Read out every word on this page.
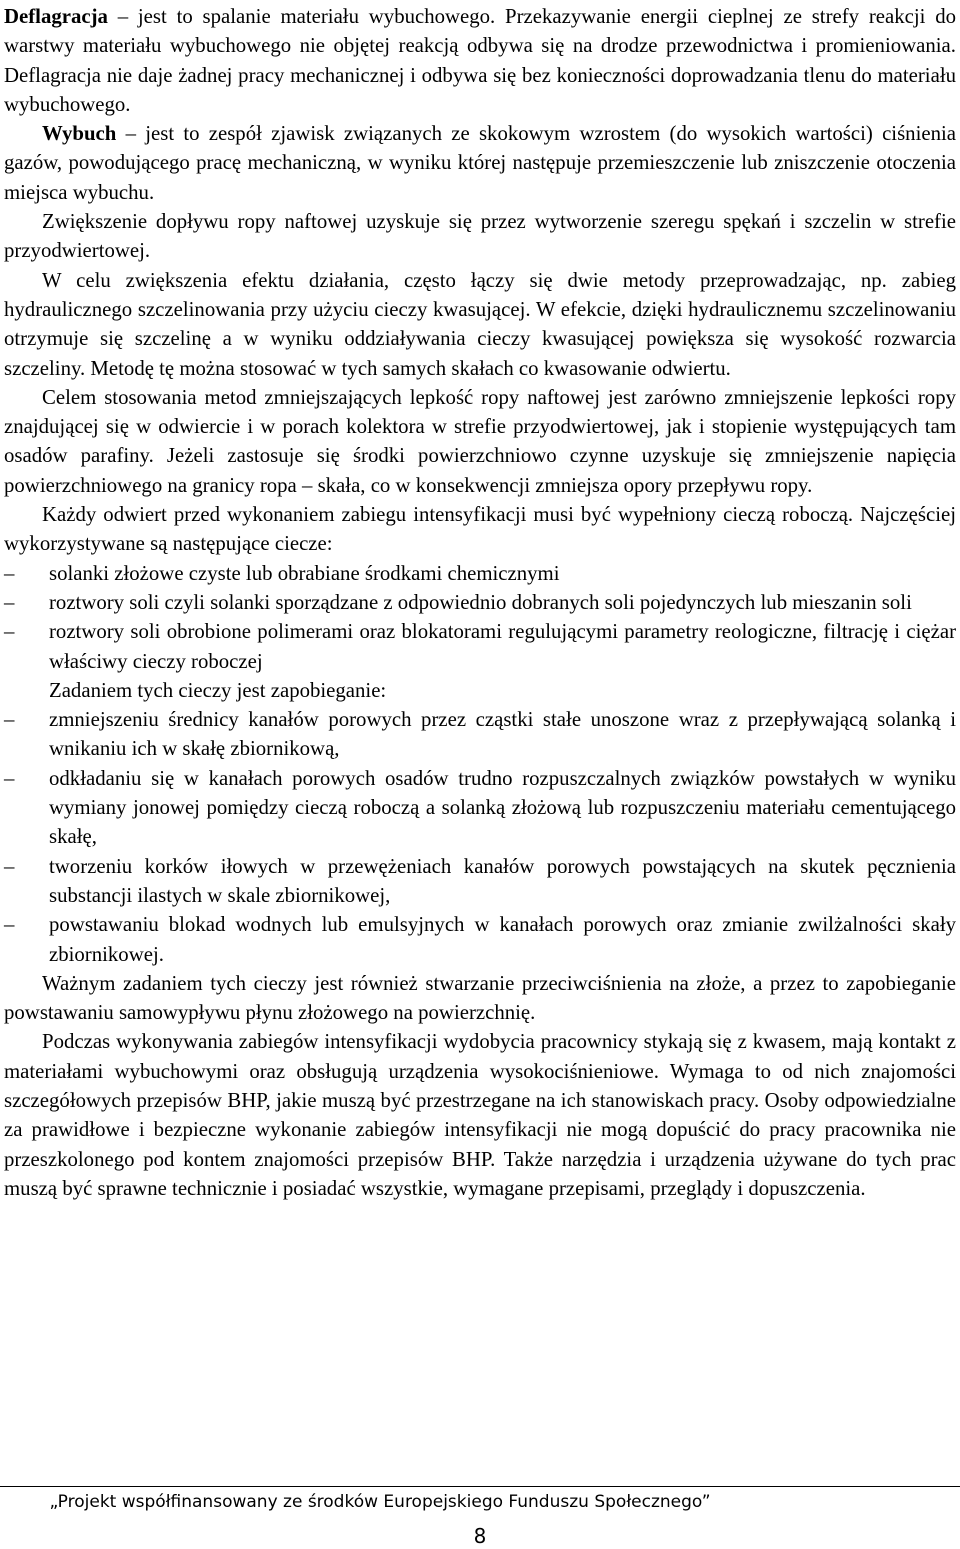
Deflagracja – jest to spalanie materiału wybuchowego. Przekazywanie energii cieplnej ze strefy reakcji do warstwy materiału wybuchowego nie objętej reakcją odbywa się na drodze przewodnictwa i promieniowania. Deflagracja nie daje żadnej pracy mechanicznej i odbywa się bez konieczności doprowadzania tlenu do materiału wybuchowego.

Wybuch – jest to zespół zjawisk związanych ze skokowym wzrostem (do wysokich wartości) ciśnienia gazów, powodującego pracę mechaniczną, w wyniku której następuje przemieszczenie lub zniszczenie otoczenia miejsca wybuchu.

Zwiększenie dopływu ropy naftowej uzyskuje się przez wytworzenie szeregu spękań i szczelin w strefie przyodwiertowej.

W celu zwiększenia efektu działania, często łączy się dwie metody przeprowadzając, np. zabieg hydraulicznego szczelinowania przy użyciu cieczy kwasującej. W efekcie, dzięki hydraulicznemu szczelinowaniu otrzymuje się szczelinę a w wyniku oddziaływania cieczy kwasującej powiększa się wysokość rozwarcia szczeliny. Metodę tę można stosować w tych samych skałach co kwasowanie odwiertu.

Celem stosowania metod zmniejszających lepkość ropy naftowej jest zarówno zmniejszenie lepkości ropy znajdującej się w odwiercie i w porach kolektora w strefie przyodwiertowej, jak i stopienie występujących tam osadów parafiny. Jeżeli zastosuje się środki powierzchniowo czynne uzyskuje się zmniejszenie napięcia powierzchniowego na granicy ropa – skała, co w konsekwencji zmniejsza opory przepływu ropy.

Każdy odwiert przed wykonaniem zabiegu intensyfikacji musi być wypełniony cieczą roboczą. Najczęściej wykorzystywane są następujące ciecze:

–	solanki złożowe czyste lub obrabiane środkami chemicznymi
–	roztwory soli czyli solanki sporządzane z odpowiednio dobranych soli pojedynczych lub mieszanin soli
–	roztwory soli obrobione polimerami oraz blokatorami regulującymi parametry reologiczne, filtrację i ciężar właściwy cieczy roboczej

Zadaniem tych cieczy jest zapobieganie:

–	zmniejszeniu średnicy kanałów porowych przez cząstki stałe unoszone wraz z przepływającą solanką i wnikaniu ich w skałę zbiornikową,
–	odkładaniu się w kanałach porowych osadów trudno rozpuszczalnych związków powstałych w wyniku wymiany jonowej pomiędzy cieczą roboczą a solanką złożową lub rozpuszczeniu materiału cementującego skałę,
–	tworzeniu korków iłowych w przewężeniach kanałów porowych powstających na skutek pęcznienia substancji ilastych w skale zbiornikowej,
–	powstawaniu blokad wodnych lub emulsyjnych w kanałach porowych oraz zmianie zwilżalności skały zbiornikowej.

Ważnym zadaniem tych cieczy jest również stwarzanie przeciwciśnienia na złoże, a przez to zapobieganie powstawaniu samowypływu płynu złożowego na powierzchnię.

Podczas wykonywania zabiegów intensyfikacji wydobycia pracownicy stykają się z kwasem, mają kontakt z materiałami wybuchowymi oraz obsługują urządzenia wysokociśnieniowe. Wymaga to od nich znajomości szczegółowych przepisów BHP, jakie muszą być przestrzegane na ich stanowiskach pracy. Osoby odpowiedzialne za prawidłowe i bezpieczne wykonanie zabiegów intensyfikacji nie mogą dopuścić do pracy pracownika nie przeszkolonego pod kontem znajomości przepisów BHP. Także narzędzia i urządzenia używane do tych prac muszą być sprawne technicznie i posiadać wszystkie, wymagane przepisami, przeglądy i dopuszczenia.

„Projekt współfinansowany ze środków Europejskiego Funduszu Społecznego”
8
